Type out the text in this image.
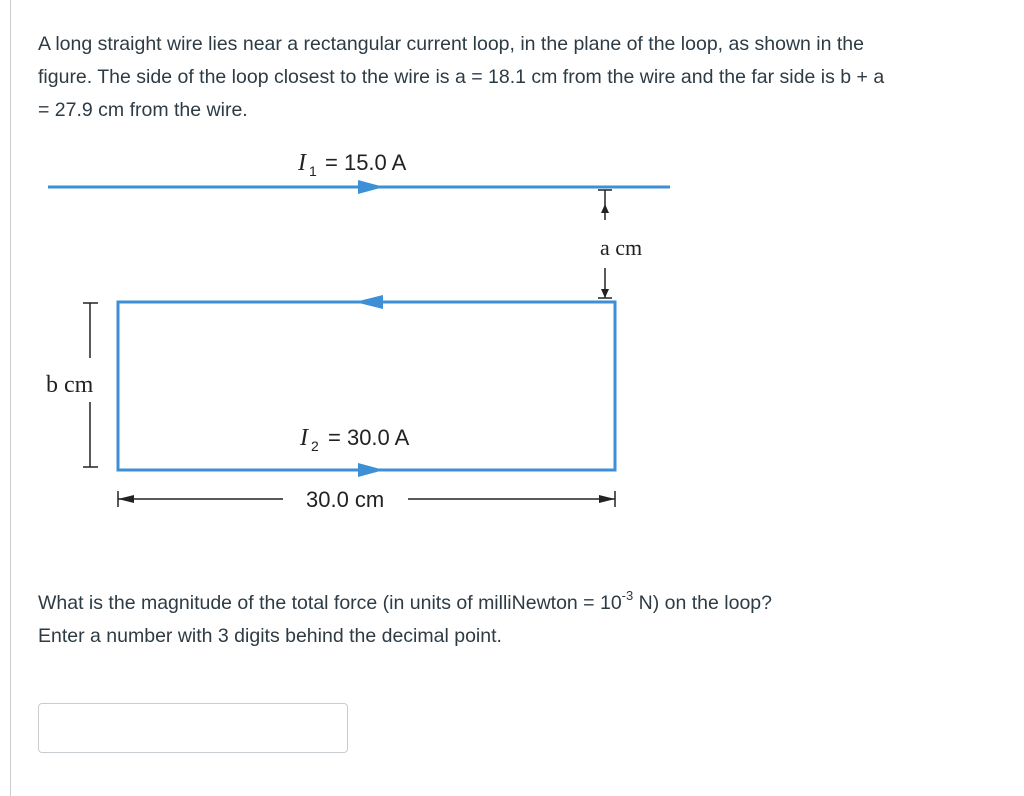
A long straight wire lies near a rectangular current loop, in the plane of the loop, as shown in the

figure. The side of the loop closest to the wire is a = 18.1 cm from the wire and the far side is b + a

= 27.9 cm from the wire.

I 1 = 15.0 A
I 2 = 30.0 A
a cm
b cm
30.0 cm

What is the magnitude of the total force (in units of milliNewton = $10^{-3}$ N) on the loop?

Enter a number with 3 digits behind the decimal point.
